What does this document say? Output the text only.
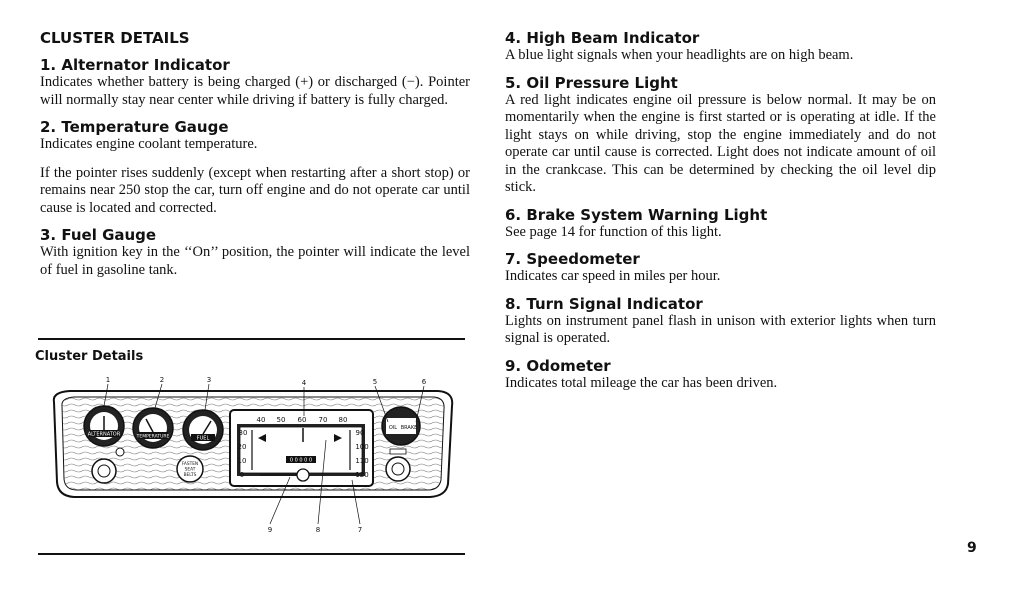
CLUSTER DETAILS
1. Alternator Indicator

Indicates whether battery is being charged (+) or discharged (−). Pointer will normally stay near center while driving if battery is fully charged.

2. Temperature Gauge

Indicates engine coolant temperature.

If the pointer rises suddenly (except when restarting after a short stop) or remains near 250 stop the car, turn off engine and do not operate car until cause is located and corrected.

3. Fuel Gauge

With ignition key in the ‘‘On’’ position, the pointer will indicate the level of fuel in gasoline tank.

Cluster Details
ALTERNATOR	TEMPERATURE	FUEL
OIL BRAKE
FASTEN
SEAT
BELTS
40 50 60 70 80
30	90
100
110
120
20
10
0
0 0 0 0 0
1	2	3	4	5	6
9	8	7
4. High Beam Indicator

A blue light signals when your headlights are on high beam.

5. Oil Pressure Light

A red light indicates engine oil pressure is below normal. It may be on momentarily when the engine is first started or is operating at idle. If the light stays on while driving, stop the engine immediately and do not operate car until cause is corrected. Light does not indicate amount of oil in the crankcase. This can be determined by checking the oil level dip stick.

6. Brake System Warning Light

See page 14 for function of this light.

7. Speedometer

Indicates car speed in miles per hour.

8. Turn Signal Indicator

Lights on instrument panel flash in unison with exterior lights when turn signal is operated.

9. Odometer

Indicates total mileage the car has been driven.

9
